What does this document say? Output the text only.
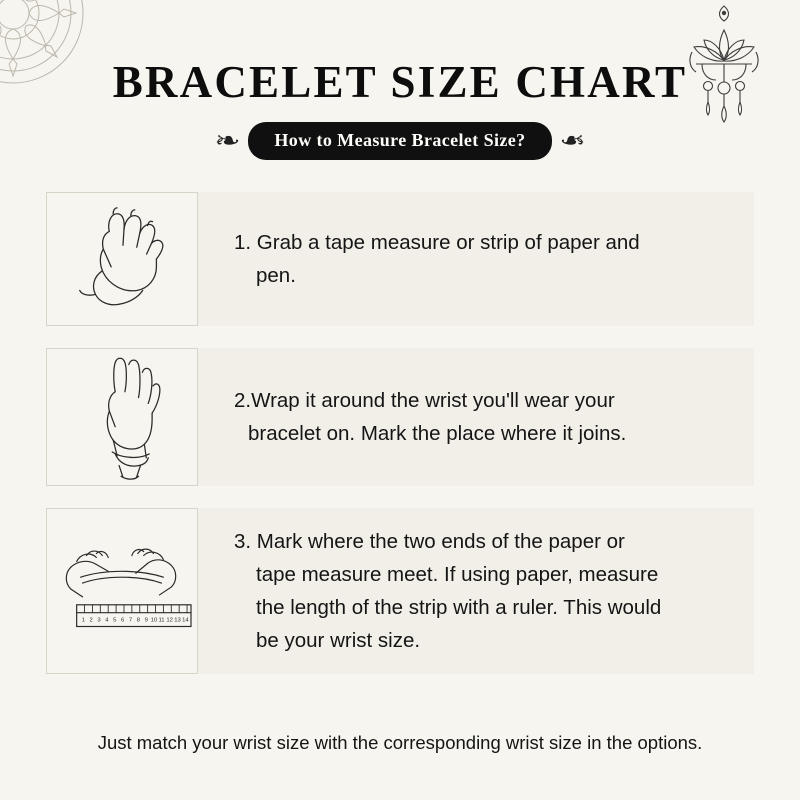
BRACELET SIZE CHART
❧	How to Measure Bracelet Size?	❧
1. Grab a tape measure or strip of paper and
pen.
2.Wrap it around the wrist you'll wear your
bracelet on. Mark the place where it joins.
1 2 3 4 5 6 7 8 9 10 11 12 13 14
3. Mark where the two ends of the paper or
tape measure meet. If using paper, measure
the length of the strip with a ruler. This would
be your wrist size.
Just match your wrist size with the corresponding wrist size in the options.
